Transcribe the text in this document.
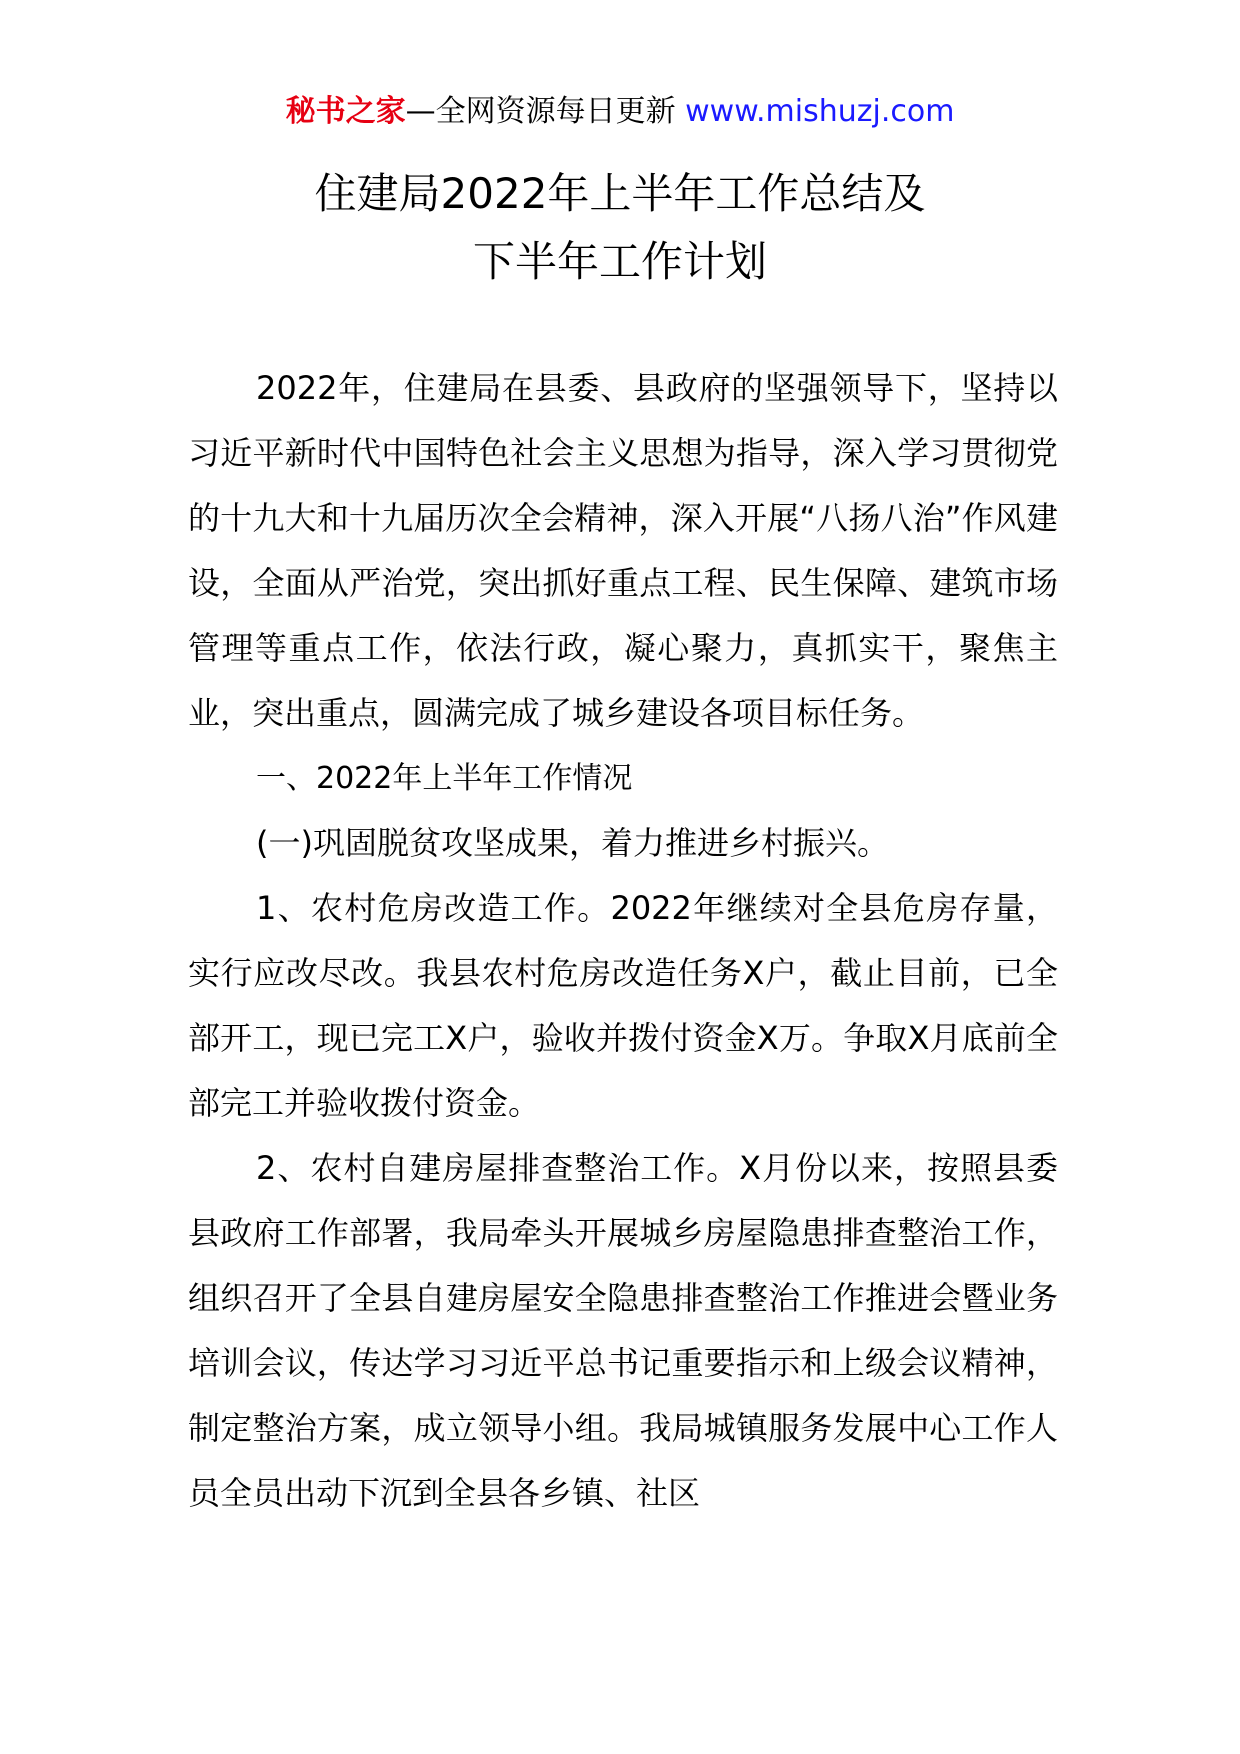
秘书之家—全网资源每日更新 www.mishuzj.com
住建局2022年上半年工作总结及
下半年工作计划

2022年，住建局在县委、县政府的坚强领导下，坚持以习近平新时代中国特色社会主义思想为指导，深入学习贯彻党的十九大和十九届历次全会精神，深入开展“八扬八治”作风建设，全面从严治党，突出抓好重点工程、民生保障、建筑市场管理等重点工作，依法行政，凝心聚力，真抓实干，聚焦主业，突出重点，圆满完成了城乡建设各项目标任务。

一、2022年上半年工作情况

(一)巩固脱贫攻坚成果，着力推进乡村振兴。

1、农村危房改造工作。2022年继续对全县危房存量，实行应改尽改。我县农村危房改造任务X户，截止目前，已全部开工，现已完工X户，验收并拨付资金X万。争取X月底前全部完工并验收拨付资金。

2、农村自建房屋排查整治工作。X月份以来，按照县委县政府工作部署，我局牵头开展城乡房屋隐患排查整治工作，组织召开了全县自建房屋安全隐患排查整治工作推进会暨业务培训会议，传达学习习近平总书记重要指示和上级会议精神，制定整治方案，成立领导小组。我局城镇服务发展中心工作人员全员出动下沉到全县各乡镇、社区
